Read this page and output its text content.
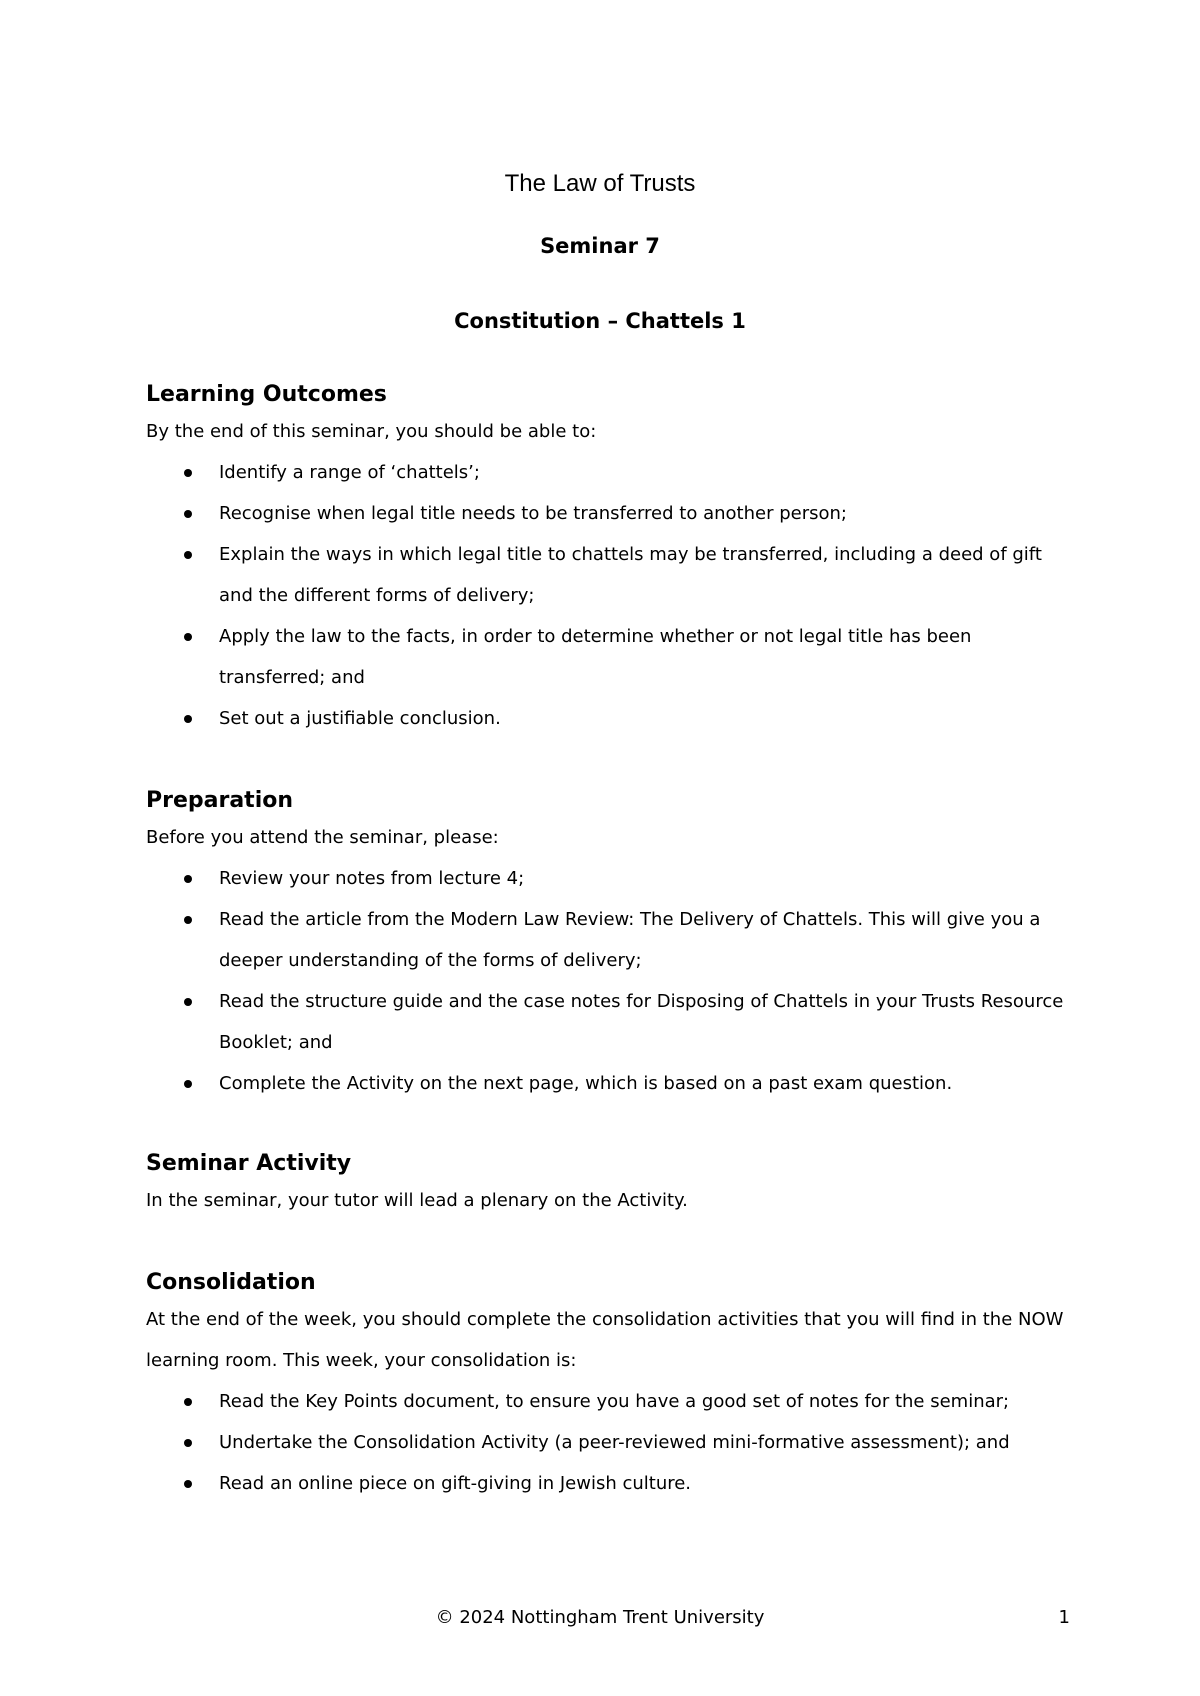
The Law of Trusts
Seminar 7
Constitution – Chattels 1
Learning Outcomes

By the end of this seminar, you should be able to:

Identify a range of ‘chattels’;
Recognise when legal title needs to be transferred to another person;
Explain the ways in which legal title to chattels may be transferred, including a deed of gift and the different forms of delivery;
Apply the law to the facts, in order to determine whether or not legal title has been transferred; and
Set out a justifiable conclusion.
Preparation

Before you attend the seminar, please:

Review your notes from lecture 4;
Read the article from the Modern Law Review: The Delivery of Chattels. This will give you a deeper understanding of the forms of delivery;
Read the structure guide and the case notes for Disposing of Chattels in your Trusts Resource Booklet; and
Complete the Activity on the next page, which is based on a past exam question.
Seminar Activity

In the seminar, your tutor will lead a plenary on the Activity.

Consolidation

At the end of the week, you should complete the consolidation activities that you will find in the NOW learning room. This week, your consolidation is:

Read the Key Points document, to ensure you have a good set of notes for the seminar;
Undertake the Consolidation Activity (a peer-reviewed mini-formative assessment); and
Read an online piece on gift-giving in Jewish culture.
© 2024 Nottingham Trent University	1
